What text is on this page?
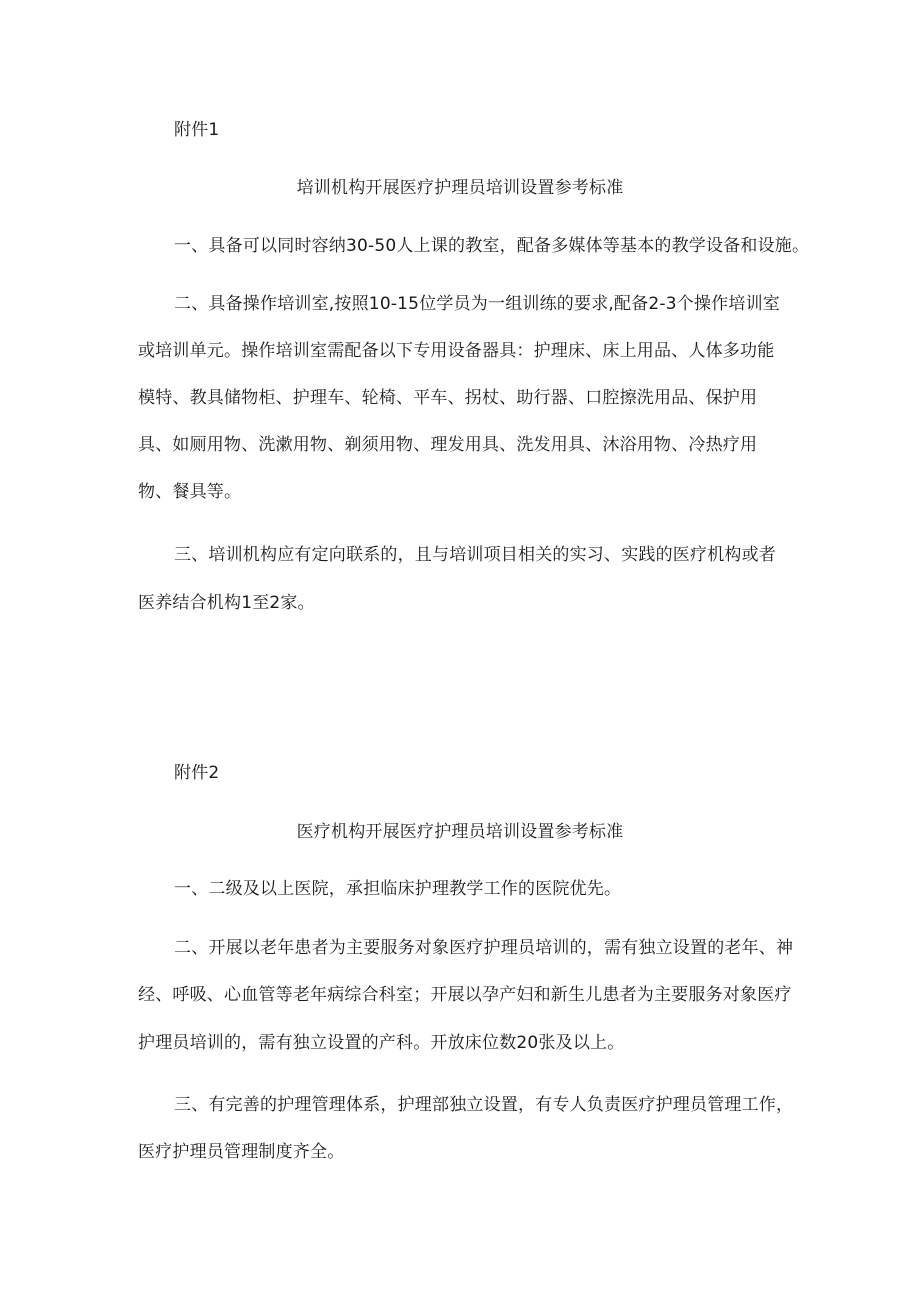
附件1

培训机构开展医疗护理员培训设置参考标准

一、具备可以同时容纳30-50人上课的教室，配备多媒体等基本的教学设备和设施。

二、具备操作培训室,按照10-15位学员为一组训练的要求,配备2-3个操作培训室

或培训单元。操作培训室需配备以下专用设备器具：护理床、床上用品、人体多功能

模特、教具储物柜、护理车、轮椅、平车、拐杖、助行器、口腔擦洗用品、保护用

具、如厕用物、洗漱用物、剃须用物、理发用具、洗发用具、沐浴用物、冷热疗用

物、餐具等。

三、培训机构应有定向联系的，且与培训项目相关的实习、实践的医疗机构或者

医养结合机构1至2家。

附件2

医疗机构开展医疗护理员培训设置参考标准

一、二级及以上医院，承担临床护理教学工作的医院优先。

二、开展以老年患者为主要服务对象医疗护理员培训的，需有独立设置的老年、神

经、呼吸、心血管等老年病综合科室；开展以孕产妇和新生儿患者为主要服务对象医疗

护理员培训的，需有独立设置的产科。开放床位数20张及以上。

三、有完善的护理管理体系，护理部独立设置，有专人负责医疗护理员管理工作，

医疗护理员管理制度齐全。
